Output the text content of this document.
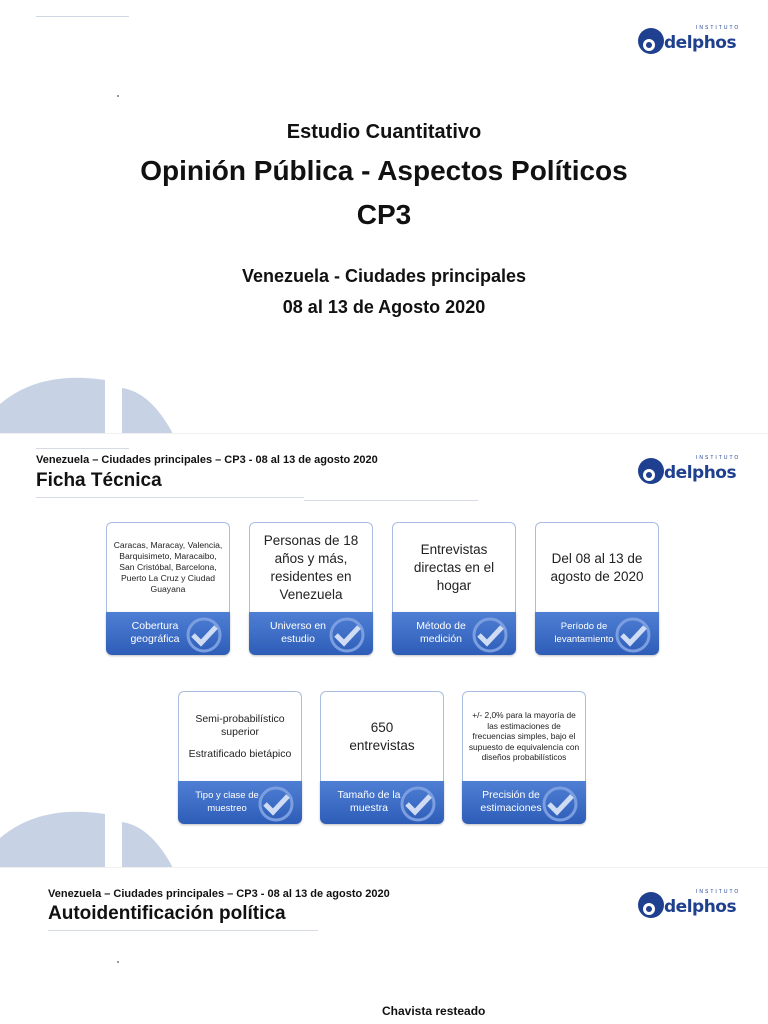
INSTITUTO
delphos
Estudio Cuantitativo
Opinión Pública - Aspectos Políticos
CP3
Venezuela - Ciudades principales
08 al 13 de Agosto 2020
Venezuela – Ciudades principales – CP3 - 08 al 13 de agosto 2020
Ficha Técnica
INSTITUTO
delphos
Caracas, Maracay, Valencia, Barquisimeto, Maracaibo, San Cristóbal, Barcelona, Puerto La Cruz y Ciudad Guayana
Cobertura geográfica
Personas de 18 años y más, residentes en Venezuela
Universo en estudio
Entrevistas directas en el hogar
Método de medición
Del 08 al 13 de agosto de 2020
Período de levantamiento
Semi-probabilístico superior
Estratificado bietápico
Tipo y clase de muestreo
650 entrevistas
Tamaño de la muestra
+/- 2,0% para la mayoría de las estimaciones de frecuencias simples, bajo el supuesto de equivalencia con diseños probabilísticos
Precisión de estimaciones
Venezuela – Ciudades principales – CP3 - 08 al 13 de agosto 2020
Autoidentificación política
INSTITUTO
delphos
Chavista resteado
